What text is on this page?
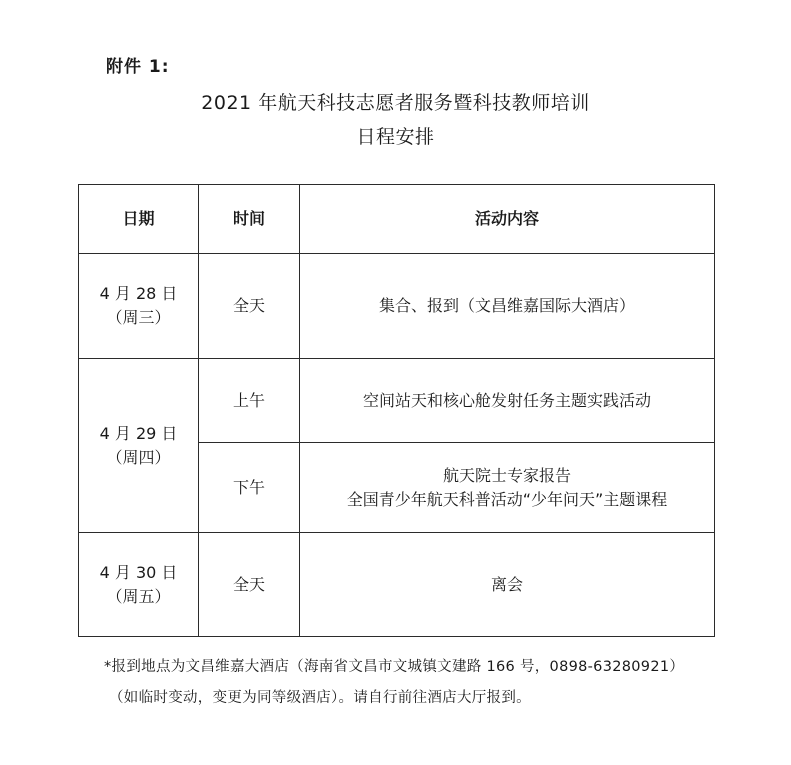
附件 1:
2021 年航天科技志愿者服务暨科技教师培训
日程安排
日期	时间	活动内容

4 月 28 日
（周三）	全天	集合、报到（文昌维嘉国际大酒店）

4 月 29 日
（周四）	上午	空间站天和核心舱发射任务主题实践活动

	下午	航天院士专家报告
全国青少年航天科普活动“少年问天”主题课程

4 月 30 日
（周五）	全天	离会
*报到地点为文昌维嘉大酒店（海南省文昌市文城镇文建路 166 号，0898-63280921）
（如临时变动，变更为同等级酒店）。请自行前往酒店大厅报到。
